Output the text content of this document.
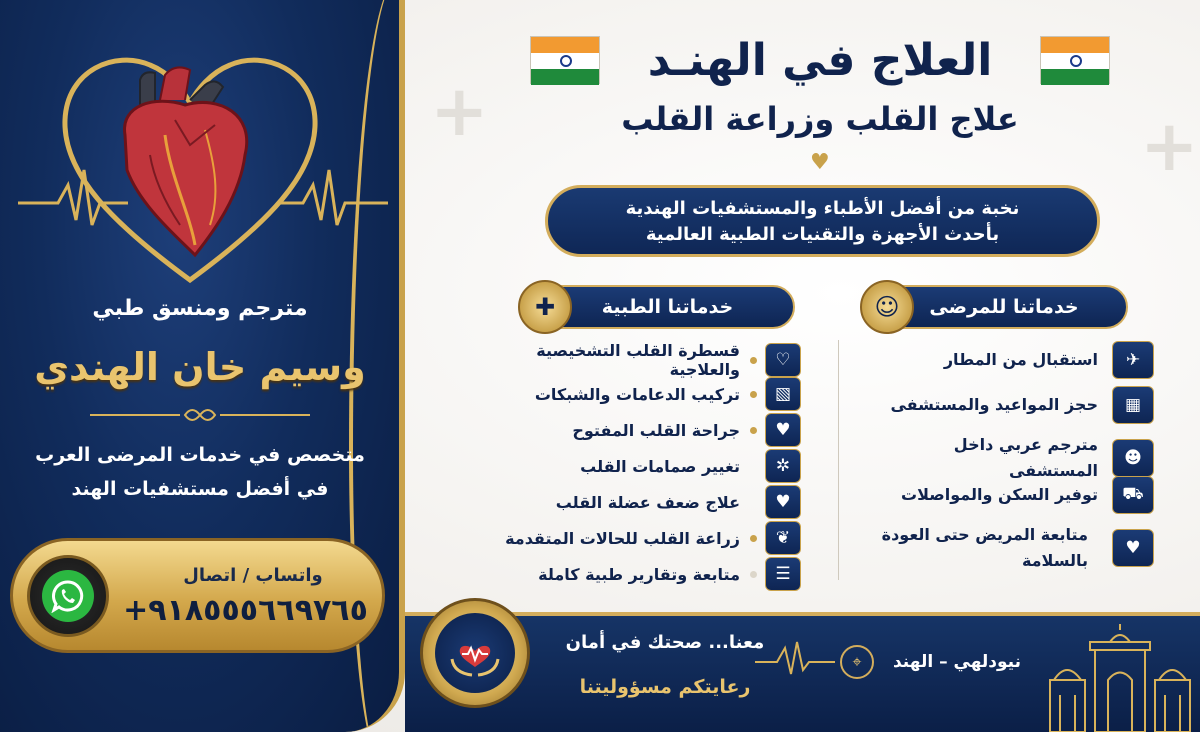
+	+
مترجم ومنسق طبي
وسيم خان الهندي
متخصص في خدمات المرضى العرب
في أفضل مستشفيات الهند
واتساب / اتصال
+٩١٨٥٥٥٦٦٩٧٦٥
العلاج في الهنـد
علاج القلب وزراعة القلب
♥
نخبة من أفضل الأطباء والمستشفيات الهندية
بأحدث الأجهزة والتقنيات الطبية العالمية
خدماتنا الطبية
✚
قسطرة القلب التشخيصية والعلاجية	♡
تركيب الدعامات والشبكات	▧
جراحة القلب المفتوح	♥
تغيير صمامات القلب	✲
علاج ضعف عضلة القلب	♥
زراعة القلب للحالات المتقدمة	❦
متابعة وتقارير طبية كاملة	☰
خدماتنا للمرضى
☺
استقبال من المطار	✈
حجز المواعيد والمستشفى	▦
مترجم عربي داخل المستشفى
☻
توفير السكن والمواصلات	⛟
متابعة المريض حتى العودة بالسلامة
♥
معنا... صحتك في أمان
رعايتكم مسؤوليتنا
⌖	نيودلهي – الهند
